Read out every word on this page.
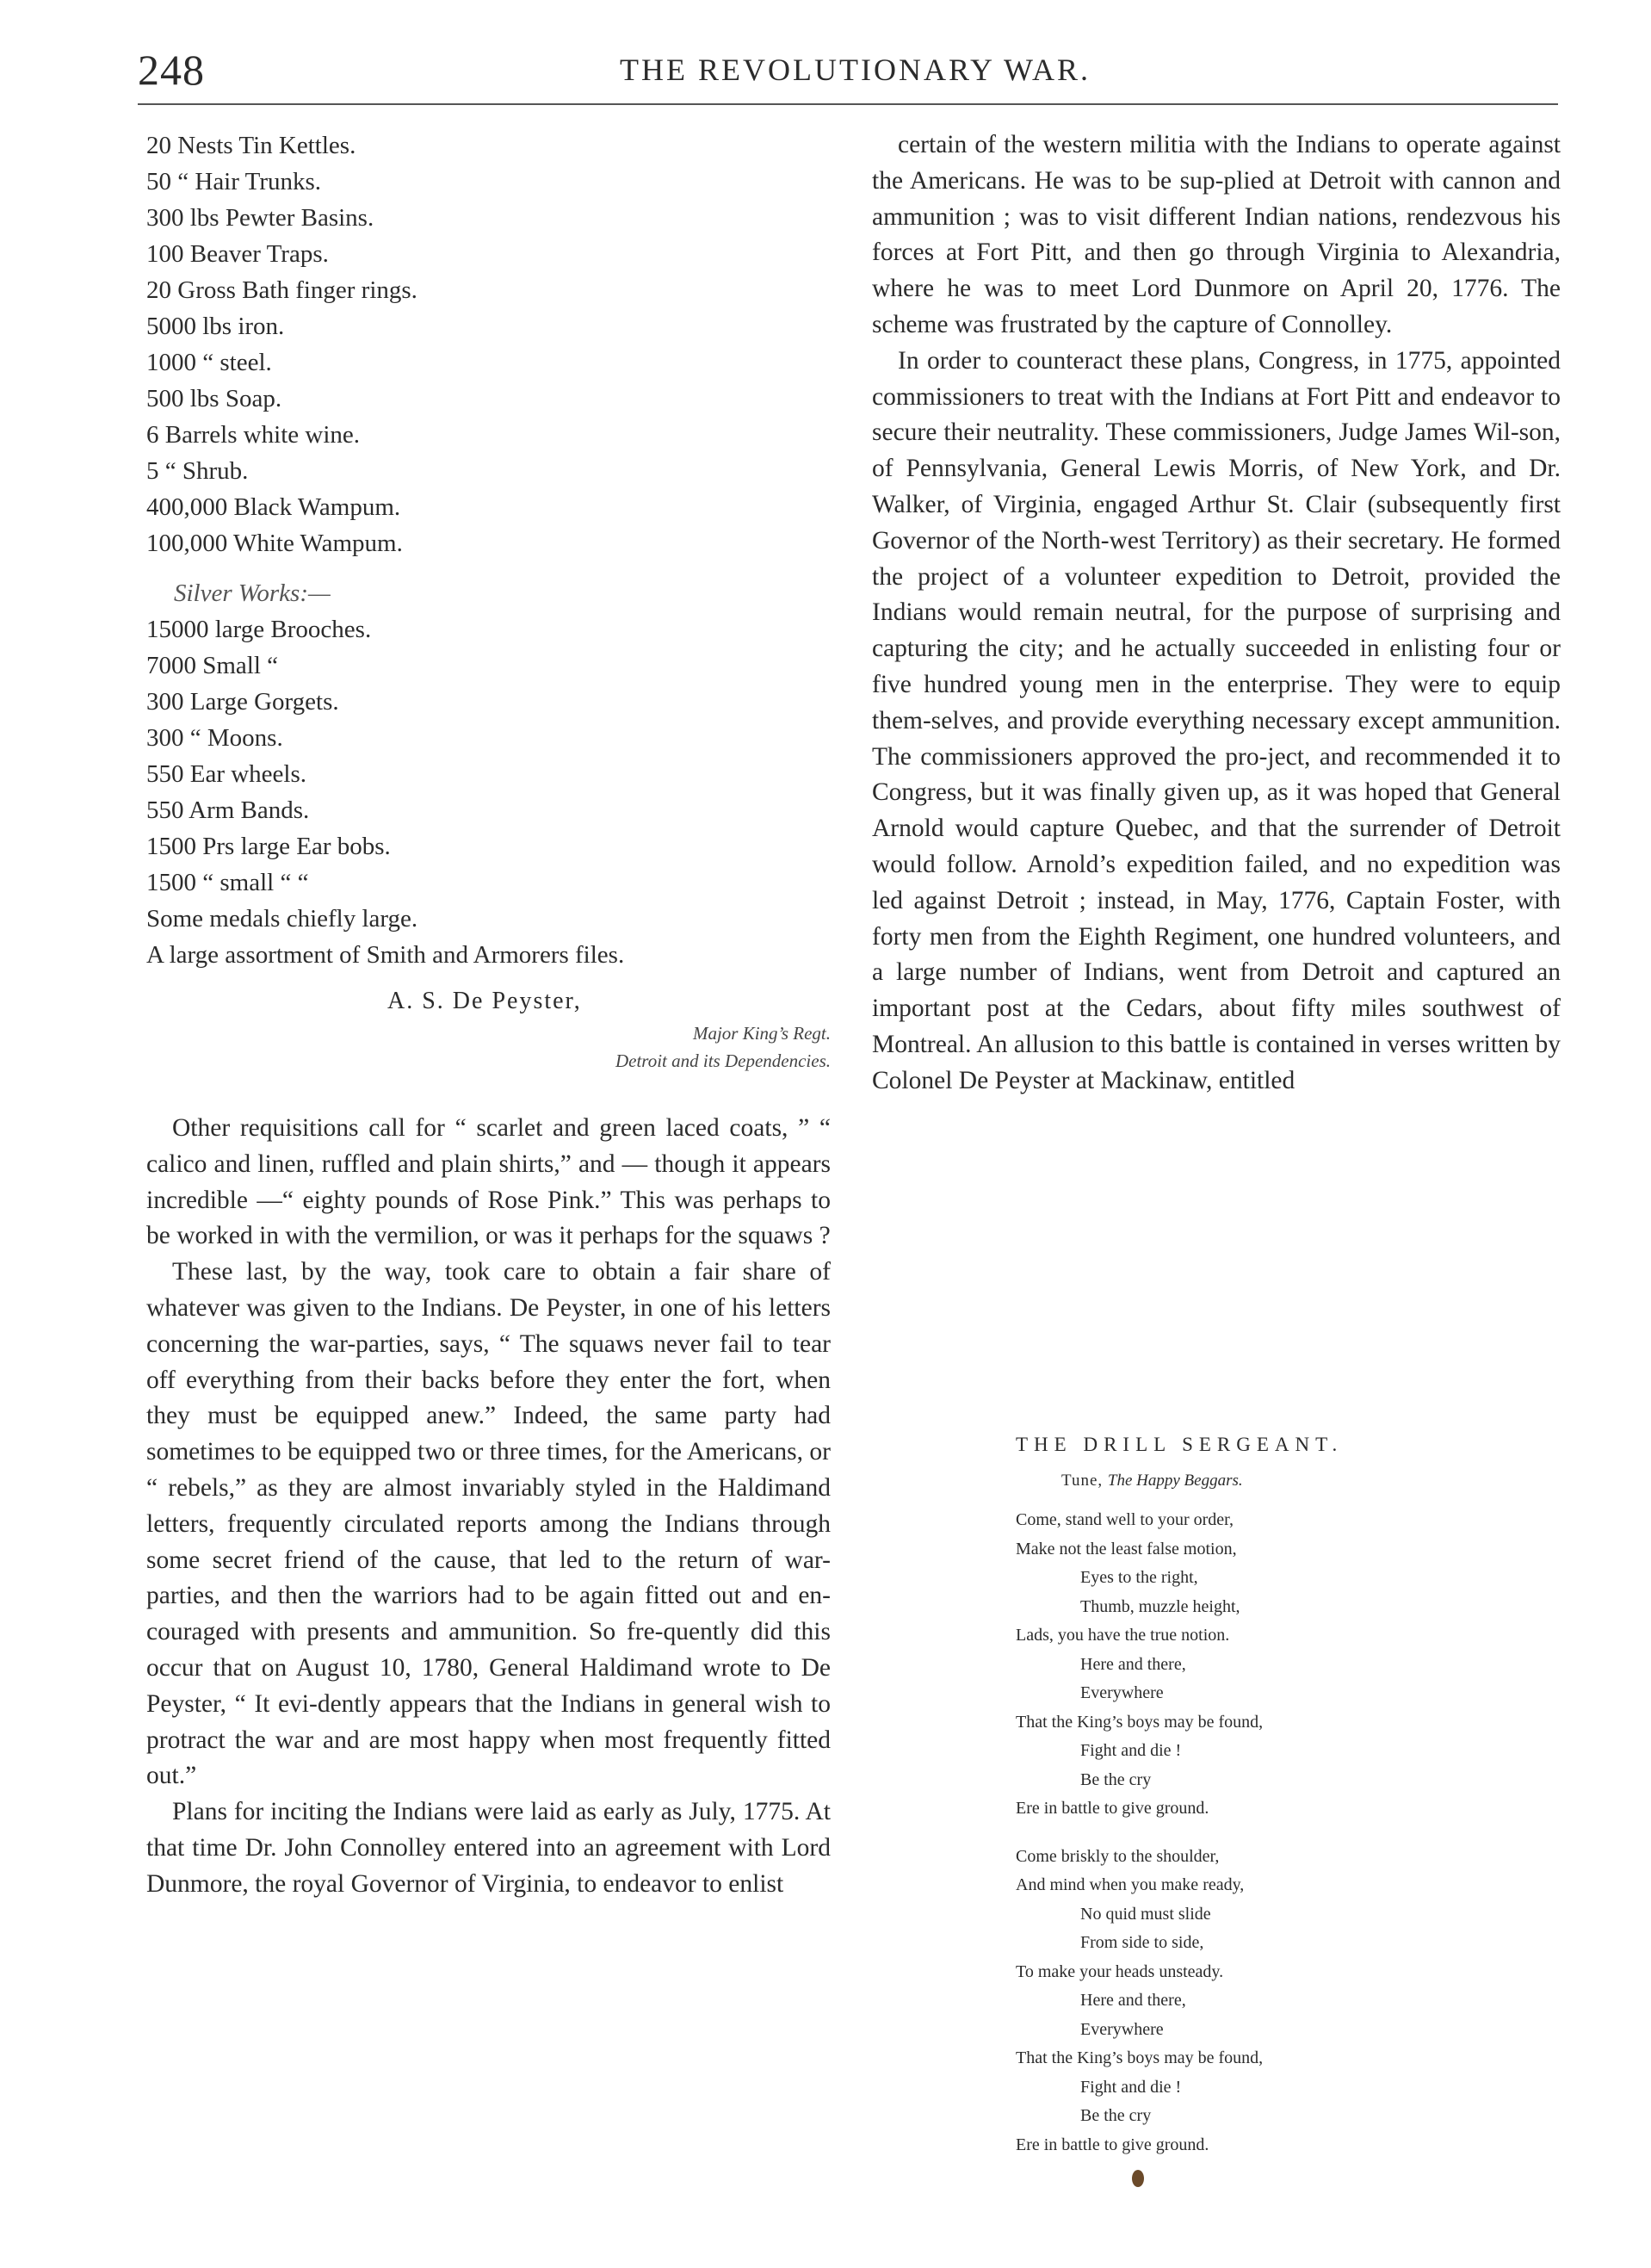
248	THE REVOLUTIONARY WAR.
20 Nests Tin Kettles.
50 “ Hair Trunks.
300 lbs Pewter Basins.
100 Beaver Traps.
20 Gross Bath finger rings.
5000 lbs iron.
1000 “ steel.
500 lbs Soap.
6 Barrels white wine.
5 “ Shrub.
400,000 Black Wampum.
100,000 White Wampum.
Silver Works:—
15000 large Brooches.
7000 Small “
300 Large Gorgets.
300 “ Moons.
550 Ear wheels.
550 Arm Bands.
1500 Prs large Ear bobs.
1500 “ small “ “
Some medals chiefly large.
A large assortment of Smith and Armorers files.
A. S. De Peyster,
Major King’s Regt.
Detroit and its Dependencies.

Other requisitions call for “ scarlet and green laced coats, ” “ calico and linen, ruffled and plain shirts,” and — though it appears incredible —“ eighty pounds of Rose Pink.” This was perhaps to be worked in with the vermilion, or was it perhaps for the squaws ?

These last, by the way, took care to obtain a fair share of whatever was given to the Indians. De Peyster, in one of his letters concerning the war-parties, says, “ The squaws never fail to tear off everything from their backs before they enter the fort, when they must be equipped anew.” Indeed, the same party had sometimes to be equipped two or three times, for the Americans, or “ rebels,” as they are almost invariably styled in the Haldimand letters, frequently circulated reports among the Indians through some secret friend of the cause, that led to the return of war-parties, and then the warriors had to be again fitted out and en-couraged with presents and ammunition. So fre-quently did this occur that on August 10, 1780, General Haldimand wrote to De Peyster, “ It evi-dently appears that the Indians in general wish to protract the war and are most happy when most frequently fitted out.”

Plans for inciting the Indians were laid as early as July, 1775. At that time Dr. John Connolley entered into an agreement with Lord Dunmore, the royal Governor of Virginia, to endeavor to enlist

certain of the western militia with the Indians to operate against the Americans. He was to be sup-plied at Detroit with cannon and ammunition ; was to visit different Indian nations, rendezvous his forces at Fort Pitt, and then go through Virginia to Alexandria, where he was to meet Lord Dunmore on April 20, 1776. The scheme was frustrated by the capture of Connolley.

In order to counteract these plans, Congress, in 1775, appointed commissioners to treat with the Indians at Fort Pitt and endeavor to secure their neutrality. These commissioners, Judge James Wil-son, of Pennsylvania, General Lewis Morris, of New York, and Dr. Walker, of Virginia, engaged Arthur St. Clair (subsequently first Governor of the North-west Territory) as their secretary. He formed the project of a volunteer expedition to Detroit, provided the Indians would remain neutral, for the purpose of surprising and capturing the city; and he actually succeeded in enlisting four or five hundred young men in the enterprise. They were to equip them-selves, and provide everything necessary except ammunition. The commissioners approved the pro-ject, and recommended it to Congress, but it was finally given up, as it was hoped that General Arnold would capture Quebec, and that the surrender of Detroit would follow. Arnold’s expedition failed, and no expedition was led against Detroit ; instead, in May, 1776, Captain Foster, with forty men from the Eighth Regiment, one hundred volunteers, and a large number of Indians, went from Detroit and captured an important post at the Cedars, about fifty miles southwest of Montreal. An allusion to this battle is contained in verses written by Colonel De Peyster at Mackinaw, entitled

THE DRILL SERGEANT.
Tune, The Happy Beggars.
Come, stand well to your order,
Make not the least false motion,
Eyes to the right,
Thumb, muzzle height,
Lads, you have the true notion.
Here and there,
Everywhere
That the King’s boys may be found,
Fight and die !
Be the cry
Ere in battle to give ground.
Come briskly to the shoulder,
And mind when you make ready,
No quid must slide
From side to side,
To make your heads unsteady.
Here and there,
Everywhere
That the King’s boys may be found,
Fight and die !
Be the cry
Ere in battle to give ground.
